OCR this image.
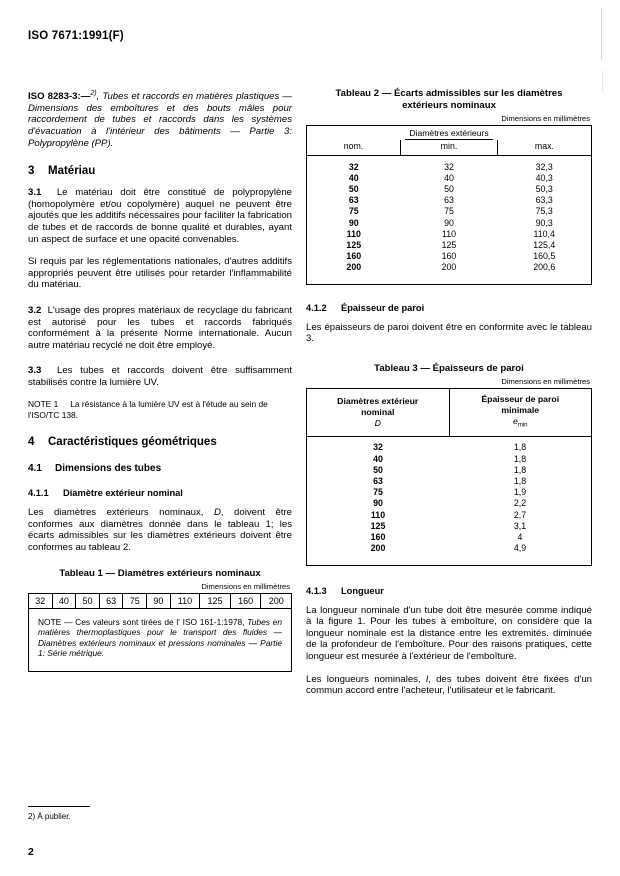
ISO 7671:1991(F)

ISO 8283-3:—$^{2)}$, Tubes et raccords en matières plastiques — Dimensions des emboîtures et des bouts mâles pour raccordement de tubes et raccords dans les systèmes d'évacuation à l'intérieur des bâtiments — Partie 3: Polypropylène (PP).

3 Matériau

3.1 Le matériau doit être constitué de polypropylène (homopolymère et/ou copolymère) auquel ne peuvent être ajoutés que les additifs nécessaires pour faciliter la fabrication de tubes et de raccords de bonne qualité et durables, ayant un aspect de surface et une opacité convenables.

Si requis par les réglementations nationales, d'autres additifs appropriés peuvent être utilisés pour retarder l'inflammabilité du matériau.

3.2 L'usage des propres matériaux de recyclage du fabricant est autorisé pour les tubes et raccords fabriqués conformément à la présente Norme internationale. Aucun autre matériau recyclé ne doit être employé.

3.3 Les tubes et raccords doivent être suffisamment stabilisés contre la lumière UV.

NOTE 1 La résistance à la lumière UV est à l'étude au sein de l'ISO/TC 138.

4 Caractéristiques géométriques
4.1 Dimensions des tubes
4.1.1 Diamètre extérieur nominal

Les diamètres extérieurs nominaux, D, doivent être conformes aux diamètres donnée dans le tableau 1; les écarts admissibles sur les diamètres extérieurs doivent être conformes au tableau 2.

Tableau 1 — Diamètres extérieurs nominaux
Dimensions en millimètres
32	40	50	63	75	90	110	125	160	200
NOTE — Ces valeurs sont tirées de l' ISO 161-1:1978, Tubes en matières thermoplastiques pour le transport des fluides — Diamètres extérieurs nominaux et pressions nominales — Partie 1: Série métrique.
Tableau 2 — Écarts admissibles sur les diamètres
extérieurs nominaux
Dimensions en millimètres
Diamètres extérieurs		
nom.	min.	max.

32	32	32,3
40	40	40,3
50	50	50,3
63	63	63,3
75	75	75,3
90	90	90,3
110	110	110,4
125	125	125,4
160	160	160,5
200	200	200,6

4.1.2 Épaisseur de paroi

Les épaisseurs de paroi doivent être en conformite avec le tableau 3.

Tableau 3 — Épaisseurs de paroi
Dimensions en millimètres
Diamètres extérieur
nominal
D

Épaisseur de paroi
minimale
$e_{min}$

32	1,8
40	1,8
50	1,8
63	1,8
75	1,9
90	2,2
110	2,7
125	3,1
160	4
200	4,9

4.1.3 Longueur

La longueur nominale d'un tube doit être mesurée comme indiqué à la figure 1. Pour les tubes à emboîture, on considère que la longueur nominale est la distance entre les extremités. diminuée de la profondeur de l'emboîture. Pour des raisons pratiques, cette longueur est mesurée à l'extérieur de l'emboîture.

Les longueurs nominales, l, des tubes doivent être fixées d'un commun accord entre l'acheteur, l'utilisateur et le fabricant.

2) À publier.
2
